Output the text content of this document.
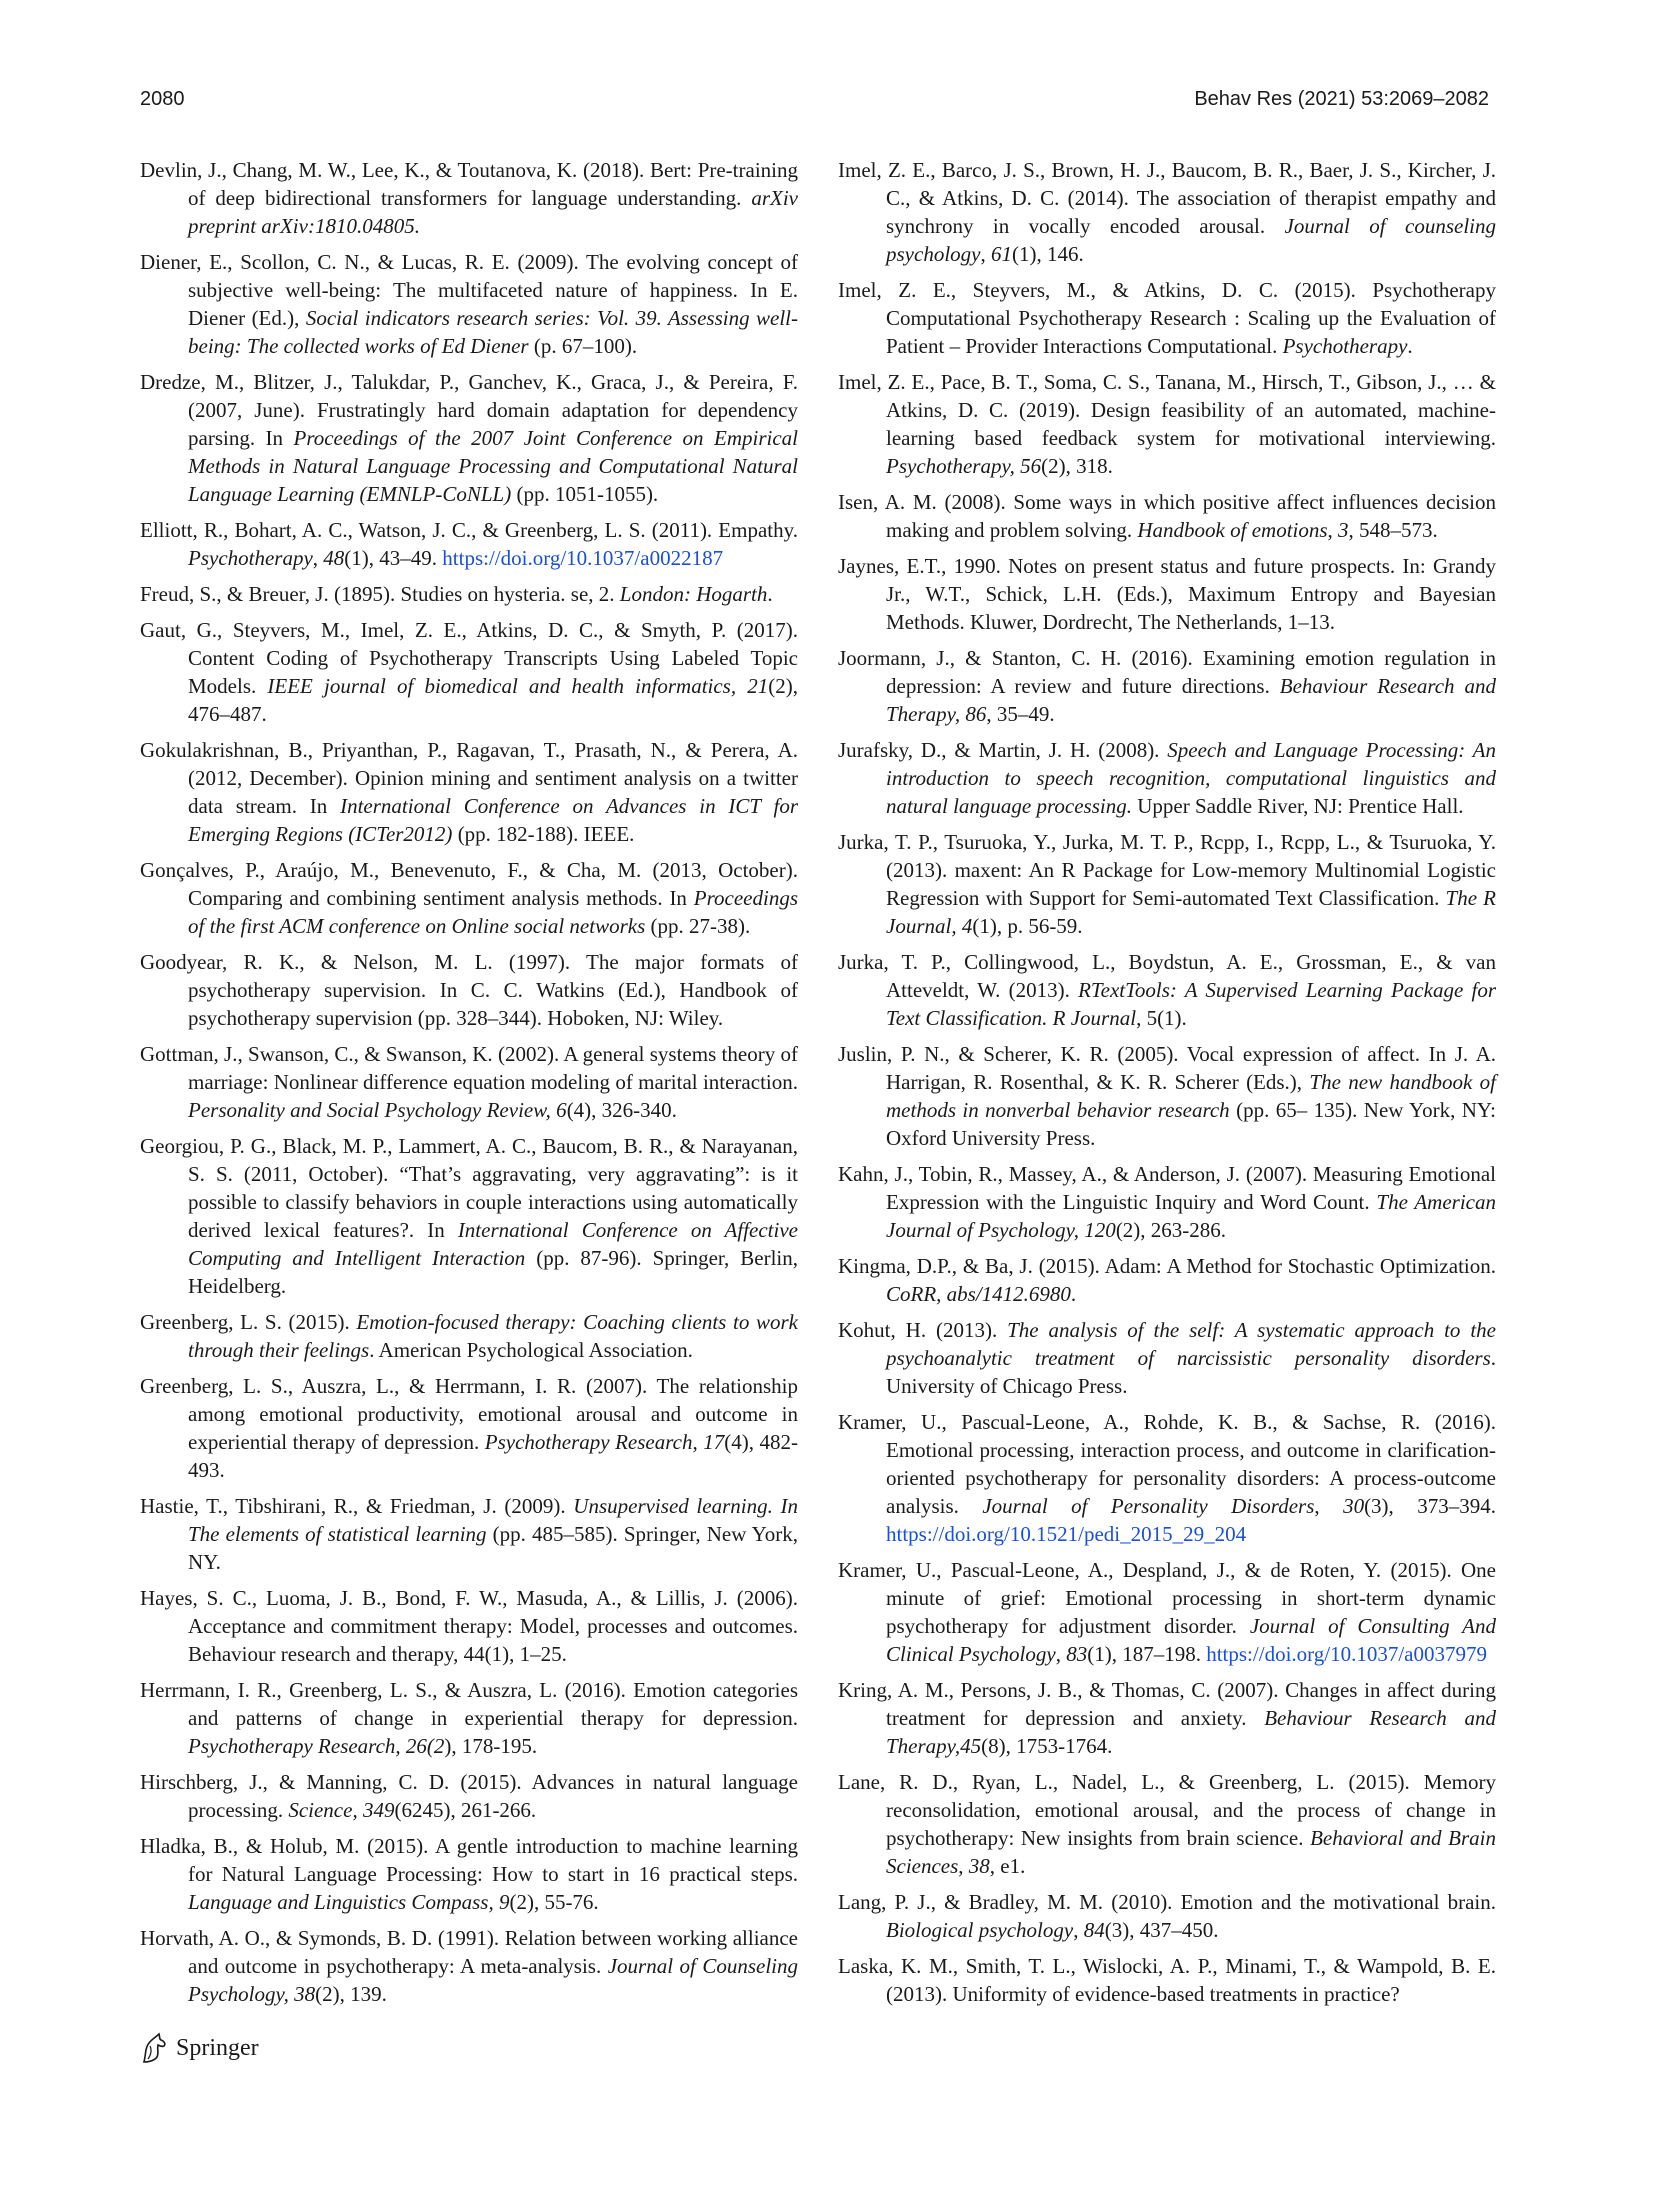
2080	Behav Res (2021) 53:2069–2082

Devlin, J., Chang, M. W., Lee, K., & Toutanova, K. (2018). Bert: Pre-training of deep bidirectional transformers for language understanding. arXiv preprint arXiv:1810.04805.

Diener, E., Scollon, C. N., & Lucas, R. E. (2009). The evolving concept of subjective well-being: The multifaceted nature of happiness. In E. Diener (Ed.), Social indicators research series: Vol. 39. Assessing well-being: The collected works of Ed Diener (p. 67–100).

Dredze, M., Blitzer, J., Talukdar, P., Ganchev, K., Graca, J., & Pereira, F. (2007, June). Frustratingly hard domain adaptation for dependency parsing. In Proceedings of the 2007 Joint Conference on Empirical Methods in Natural Language Processing and Computational Natural Language Learning (EMNLP-CoNLL) (pp. 1051-1055).

Elliott, R., Bohart, A. C., Watson, J. C., & Greenberg, L. S. (2011). Empathy. Psychotherapy, 48(1), 43–49. https://doi.org/10.1037/a0022187

Freud, S., & Breuer, J. (1895). Studies on hysteria. se, 2. London: Hogarth.

Gaut, G., Steyvers, M., Imel, Z. E., Atkins, D. C., & Smyth, P. (2017). Content Coding of Psychotherapy Transcripts Using Labeled Topic Models. IEEE journal of biomedical and health informatics, 21(2), 476–487.

Gokulakrishnan, B., Priyanthan, P., Ragavan, T., Prasath, N., & Perera, A. (2012, December). Opinion mining and sentiment analysis on a twitter data stream. In International Conference on Advances in ICT for Emerging Regions (ICTer2012) (pp. 182-188). IEEE.

Gonçalves, P., Araújo, M., Benevenuto, F., & Cha, M. (2013, October). Comparing and combining sentiment analysis methods. In Proceedings of the first ACM conference on Online social networks (pp. 27-38).

Goodyear, R. K., & Nelson, M. L. (1997). The major formats of psychotherapy supervision. In C. C. Watkins (Ed.), Handbook of psychotherapy supervision (pp. 328–344). Hoboken, NJ: Wiley.

Gottman, J., Swanson, C., & Swanson, K. (2002). A general systems theory of marriage: Nonlinear difference equation modeling of marital interaction. Personality and Social Psychology Review, 6(4), 326-340.

Georgiou, P. G., Black, M. P., Lammert, A. C., Baucom, B. R., & Narayanan, S. S. (2011, October). “That’s aggravating, very aggravating”: is it possible to classify behaviors in couple interactions using automatically derived lexical features?. In International Conference on Affective Computing and Intelligent Interaction (pp. 87-96). Springer, Berlin, Heidelberg.

Greenberg, L. S. (2015). Emotion-focused therapy: Coaching clients to work through their feelings. American Psychological Association.

Greenberg, L. S., Auszra, L., & Herrmann, I. R. (2007). The relationship among emotional productivity, emotional arousal and outcome in experiential therapy of depression. Psychotherapy Research, 17(4), 482-493.

Hastie, T., Tibshirani, R., & Friedman, J. (2009). Unsupervised learning. In The elements of statistical learning (pp. 485–585). Springer, New York, NY.

Hayes, S. C., Luoma, J. B., Bond, F. W., Masuda, A., & Lillis, J. (2006). Acceptance and commitment therapy: Model, processes and outcomes. Behaviour research and therapy, 44(1), 1–25.

Herrmann, I. R., Greenberg, L. S., & Auszra, L. (2016). Emotion categories and patterns of change in experiential therapy for depression. Psychotherapy Research, 26(2), 178-195.

Hirschberg, J., & Manning, C. D. (2015). Advances in natural language processing. Science, 349(6245), 261-266.

Hladka, B., & Holub, M. (2015). A gentle introduction to machine learning for Natural Language Processing: How to start in 16 practical steps. Language and Linguistics Compass, 9(2), 55-76.

Horvath, A. O., & Symonds, B. D. (1991). Relation between working alliance and outcome in psychotherapy: A meta-analysis. Journal of Counseling Psychology, 38(2), 139.

Imel, Z. E., Barco, J. S., Brown, H. J., Baucom, B. R., Baer, J. S., Kircher, J. C., & Atkins, D. C. (2014). The association of therapist empathy and synchrony in vocally encoded arousal. Journal of counseling psychology, 61(1), 146.

Imel, Z. E., Steyvers, M., & Atkins, D. C. (2015). Psychotherapy Computational Psychotherapy Research : Scaling up the Evaluation of Patient – Provider Interactions Computational. Psychotherapy.

Imel, Z. E., Pace, B. T., Soma, C. S., Tanana, M., Hirsch, T., Gibson, J., … & Atkins, D. C. (2019). Design feasibility of an automated, machine-learning based feedback system for motivational interviewing. Psychotherapy, 56(2), 318.

Isen, A. M. (2008). Some ways in which positive affect influences decision making and problem solving. Handbook of emotions, 3, 548–573.

Jaynes, E.T., 1990. Notes on present status and future prospects. In: Grandy Jr., W.T., Schick, L.H. (Eds.), Maximum Entropy and Bayesian Methods. Kluwer, Dordrecht, The Netherlands, 1–13.

Joormann, J., & Stanton, C. H. (2016). Examining emotion regulation in depression: A review and future directions. Behaviour Research and Therapy, 86, 35–49.

Jurafsky, D., & Martin, J. H. (2008). Speech and Language Processing: An introduction to speech recognition, computational linguistics and natural language processing. Upper Saddle River, NJ: Prentice Hall.

Jurka, T. P., Tsuruoka, Y., Jurka, M. T. P., Rcpp, I., Rcpp, L., & Tsuruoka, Y. (2013). maxent: An R Package for Low-memory Multinomial Logistic Regression with Support for Semi-automated Text Classification. The R Journal, 4(1), p. 56-59.

Jurka, T. P., Collingwood, L., Boydstun, A. E., Grossman, E., & van Atteveldt, W. (2013). RTextTools: A Supervised Learning Package for Text Classification. R Journal, 5(1).

Juslin, P. N., & Scherer, K. R. (2005). Vocal expression of affect. In J. A. Harrigan, R. Rosenthal, & K. R. Scherer (Eds.), The new handbook of methods in nonverbal behavior research (pp. 65– 135). New York, NY: Oxford University Press.

Kahn, J., Tobin, R., Massey, A., & Anderson, J. (2007). Measuring Emotional Expression with the Linguistic Inquiry and Word Count. The American Journal of Psychology, 120(2), 263-286.

Kingma, D.P., & Ba, J. (2015). Adam: A Method for Stochastic Optimization. CoRR, abs/1412.6980.

Kohut, H. (2013). The analysis of the self: A systematic approach to the psychoanalytic treatment of narcissistic personality disorders. University of Chicago Press.

Kramer, U., Pascual-Leone, A., Rohde, K. B., & Sachse, R. (2016). Emotional processing, interaction process, and outcome in clarification-oriented psychotherapy for personality disorders: A process-outcome analysis. Journal of Personality Disorders, 30(3), 373–394. https://doi.org/10.1521/pedi_2015_29_204

Kramer, U., Pascual-Leone, A., Despland, J., & de Roten, Y. (2015). One minute of grief: Emotional processing in short-term dynamic psychotherapy for adjustment disorder. Journal of Consulting And Clinical Psychology, 83(1), 187–198. https://doi.org/10.1037/a0037979

Kring, A. M., Persons, J. B., & Thomas, C. (2007). Changes in affect during treatment for depression and anxiety. Behaviour Research and Therapy,45(8), 1753-1764.

Lane, R. D., Ryan, L., Nadel, L., & Greenberg, L. (2015). Memory reconsolidation, emotional arousal, and the process of change in psychotherapy: New insights from brain science. Behavioral and Brain Sciences, 38, e1.

Lang, P. J., & Bradley, M. M. (2010). Emotion and the motivational brain. Biological psychology, 84(3), 437–450.

Laska, K. M., Smith, T. L., Wislocki, A. P., Minami, T., & Wampold, B. E. (2013). Uniformity of evidence-based treatments in practice?

Springer
